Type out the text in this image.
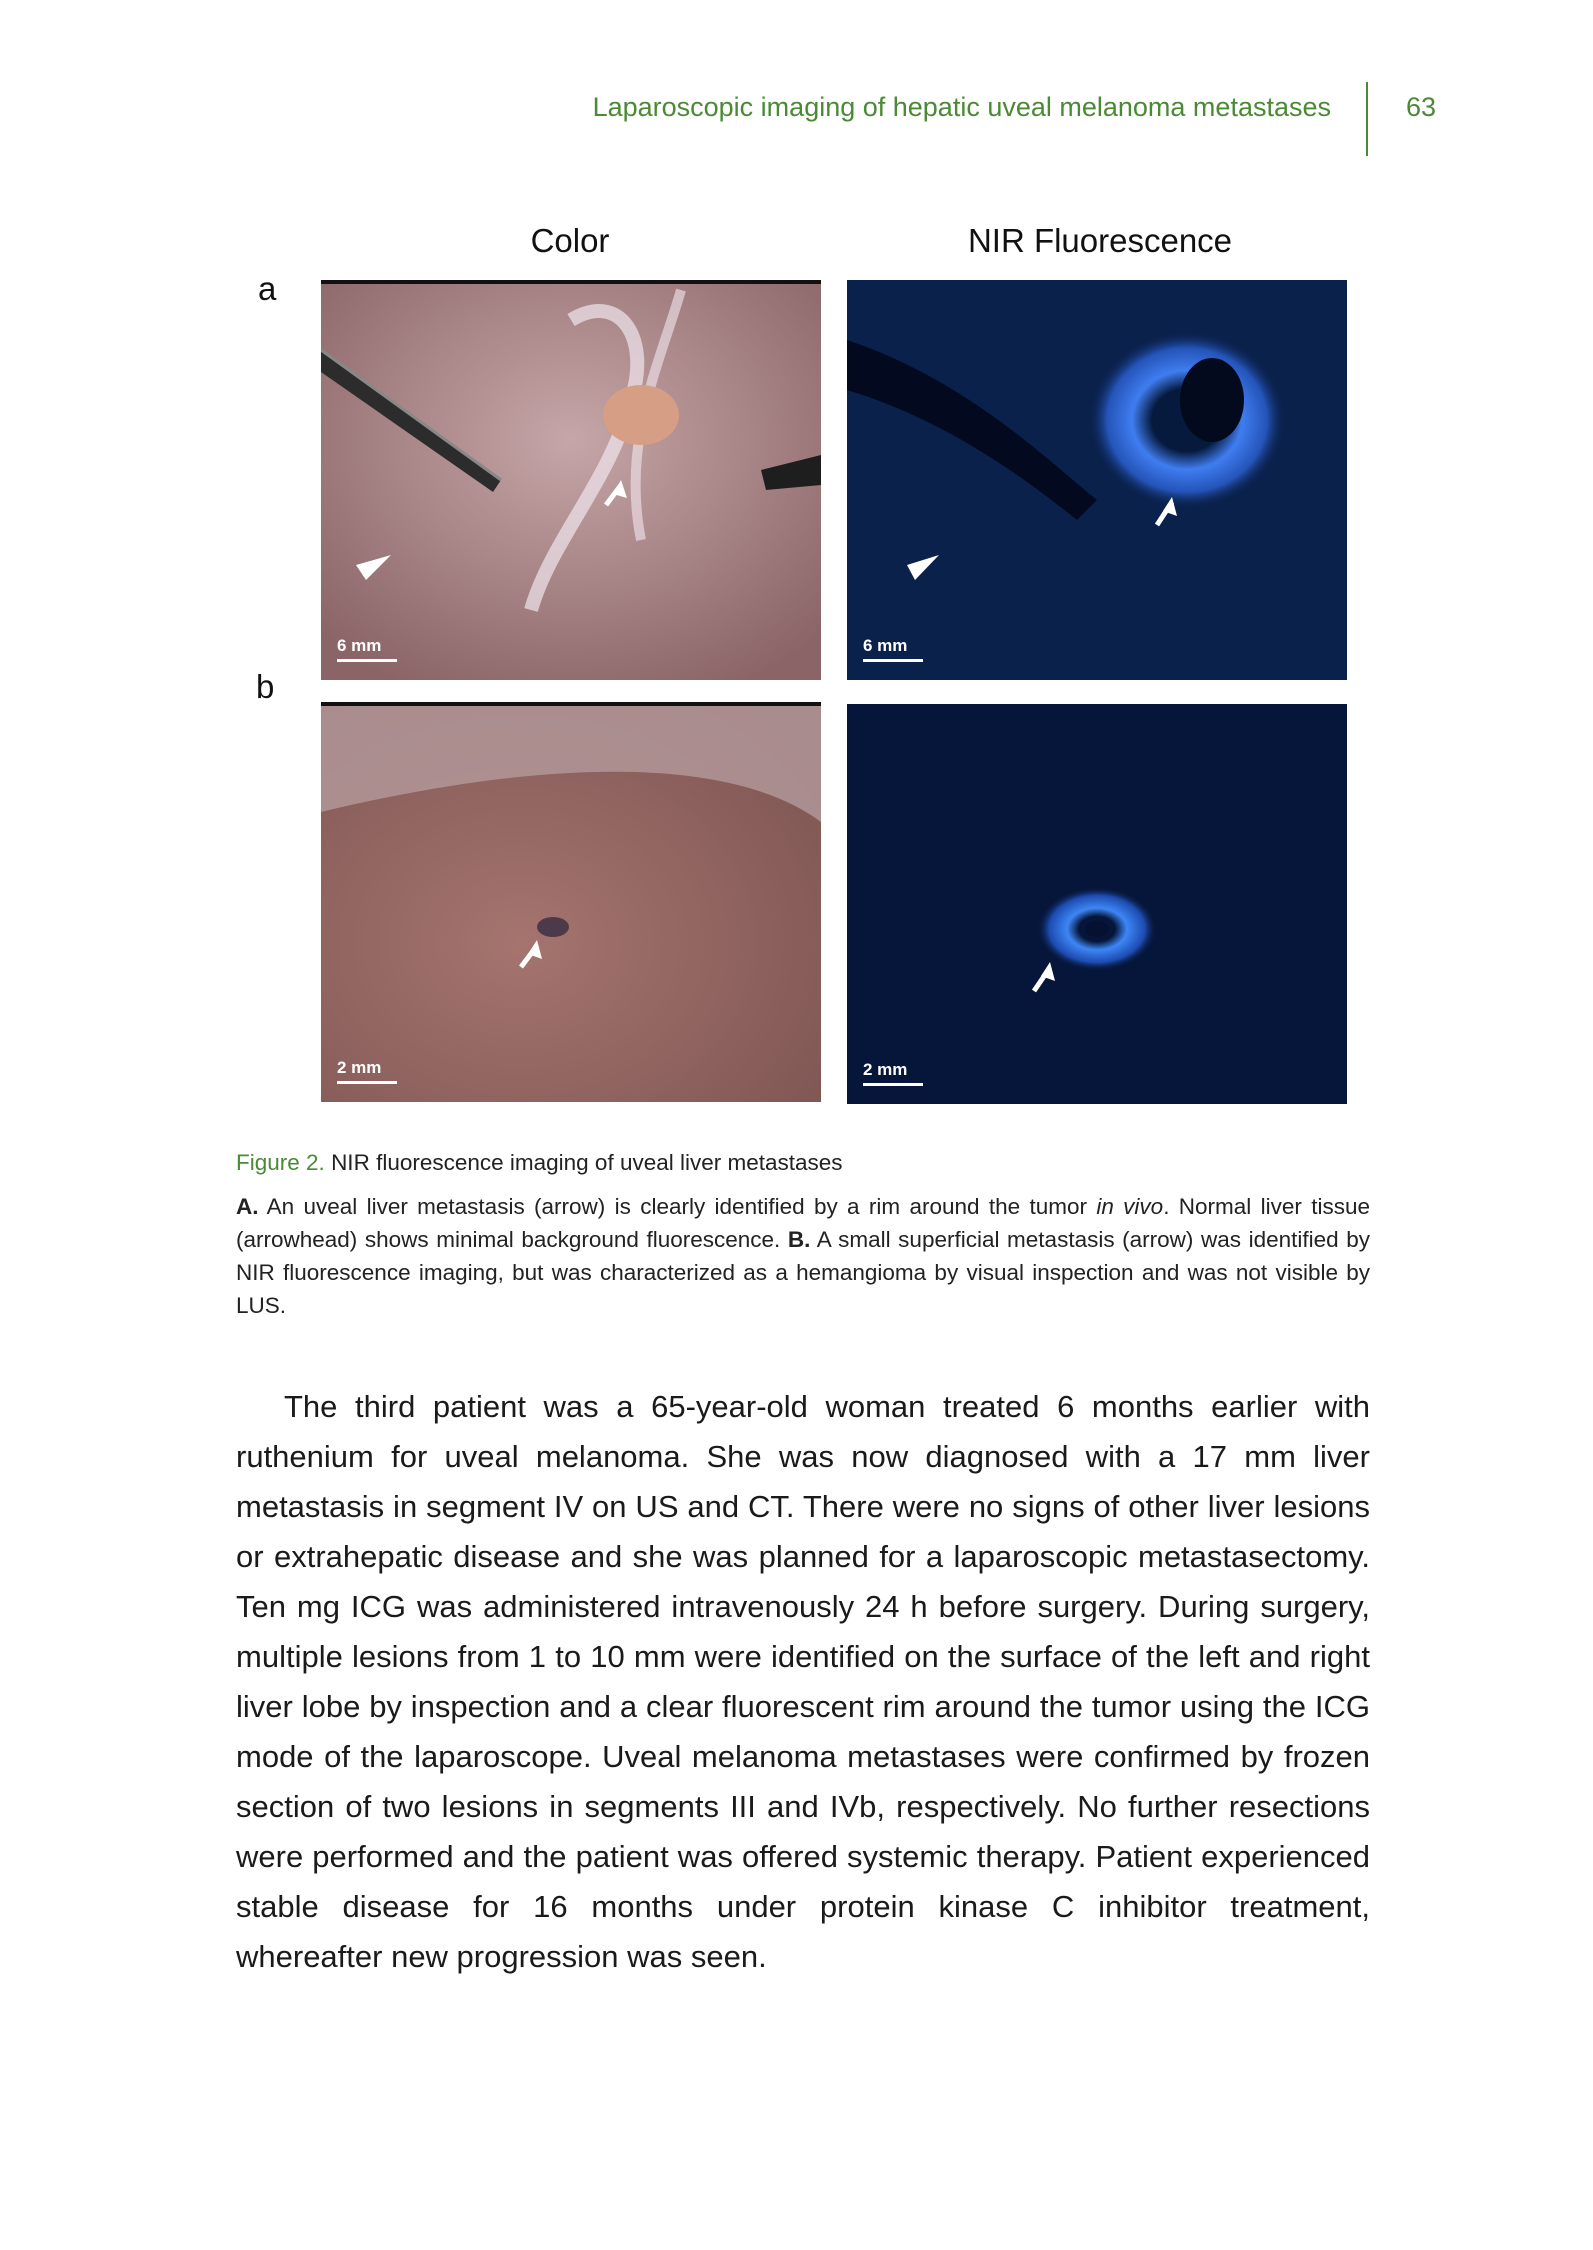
Laparoscopic imaging of hepatic uveal melanoma metastases	63
Color	NIR Fluorescence
a
b
6 mm	6 mm
2 mm	2 mm
Figure 2. NIR fluorescence imaging of uveal liver metastases
A. An uveal liver metastasis (arrow) is clearly identified by a rim around the tumor in vivo. Normal liver tissue (arrowhead) shows minimal background fluorescence. B. A small superficial metastasis (arrow) was identified by NIR fluorescence imaging, but was characterized as a hemangioma by visual inspection and was not visible by LUS.
The third patient was a 65-year-old woman treated 6 months earlier with ruthenium for uveal melanoma. She was now diagnosed with a 17 mm liver metastasis in segment IV on US and CT. There were no signs of other liver lesions or extrahepatic disease and she was planned for a laparoscopic metastasectomy. Ten mg ICG was administered intravenously 24 h before surgery. During surgery, multiple lesions from 1 to 10 mm were identified on the surface of the left and right liver lobe by inspection and a clear fluorescent rim around the tumor using the ICG mode of the laparoscope. Uveal melanoma metastases were confirmed by frozen section of two lesions in segments III and IVb, respectively. No further resections were performed and the patient was offered systemic therapy. Patient experienced stable disease for 16 months under protein kinase C inhibitor treatment, whereafter new progression was seen.
